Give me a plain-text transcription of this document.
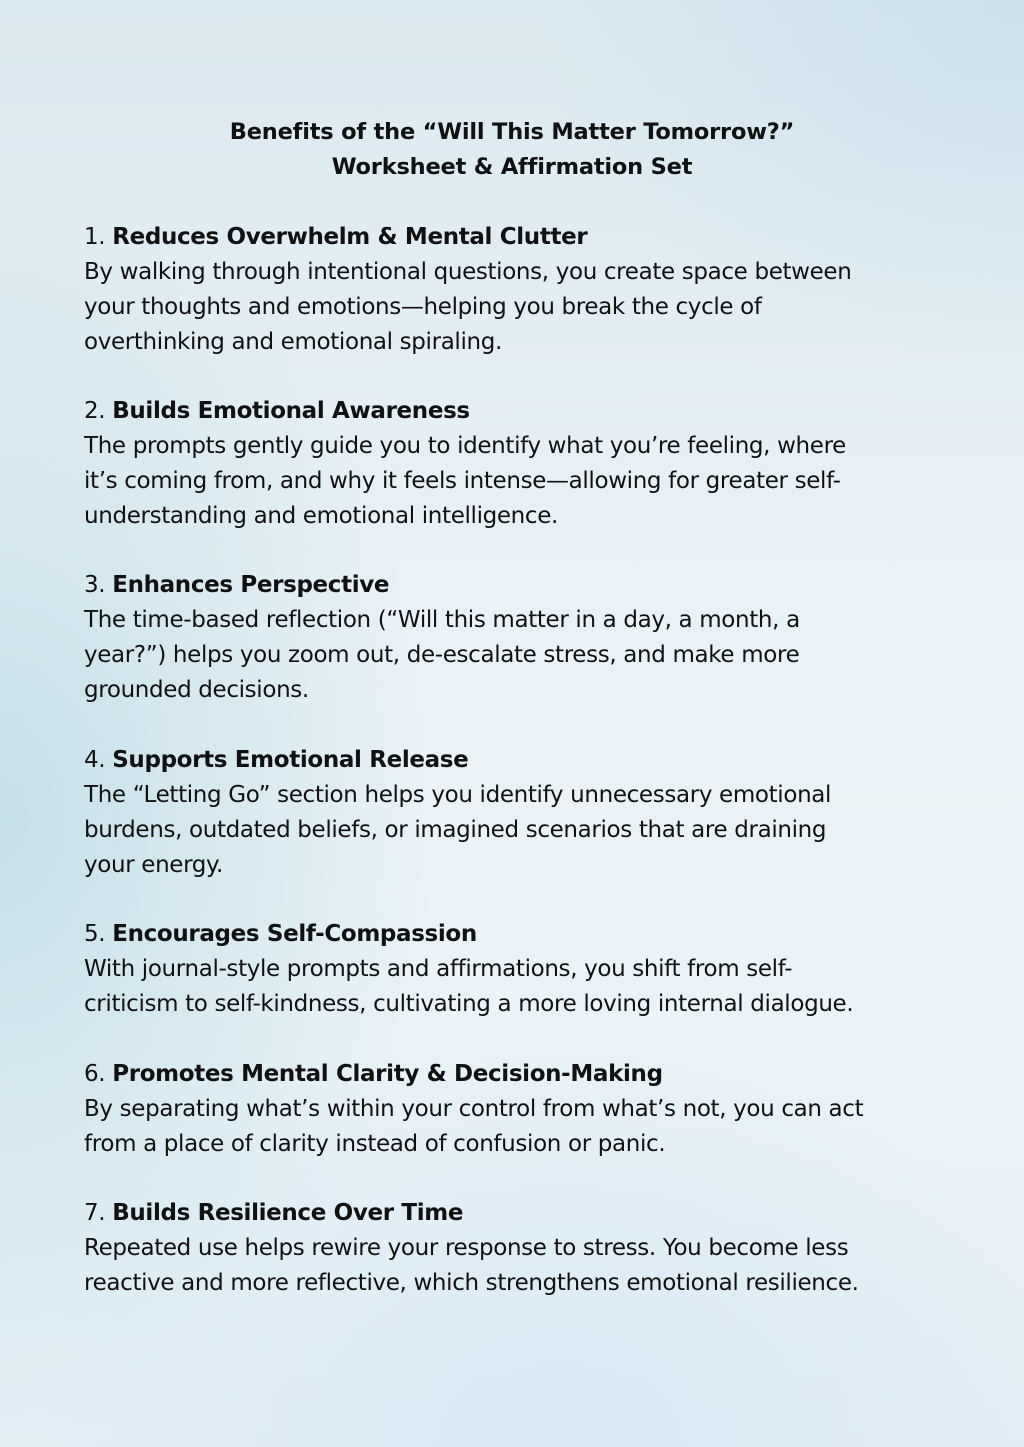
Benefits of the “Will This Matter Tomorrow?”
Worksheet & Affirmation Set
1. Reduces Overwhelm & Mental Clutter
By walking through intentional questions, you create space between
your thoughts and emotions—helping you break the cycle of
overthinking and emotional spiraling.
2. Builds Emotional Awareness
The prompts gently guide you to identify what you’re feeling, where
it’s coming from, and why it feels intense—allowing for greater self-
understanding and emotional intelligence.
3. Enhances Perspective
The time-based reflection (“Will this matter in a day, a month, a
year?”) helps you zoom out, de-escalate stress, and make more
grounded decisions.
4. Supports Emotional Release
The “Letting Go” section helps you identify unnecessary emotional
burdens, outdated beliefs, or imagined scenarios that are draining
your energy.
5. Encourages Self-Compassion
With journal-style prompts and affirmations, you shift from self-
criticism to self-kindness, cultivating a more loving internal dialogue.
6. Promotes Mental Clarity & Decision-Making
By separating what’s within your control from what’s not, you can act
from a place of clarity instead of confusion or panic.
7. Builds Resilience Over Time
Repeated use helps rewire your response to stress. You become less
reactive and more reflective, which strengthens emotional resilience.
